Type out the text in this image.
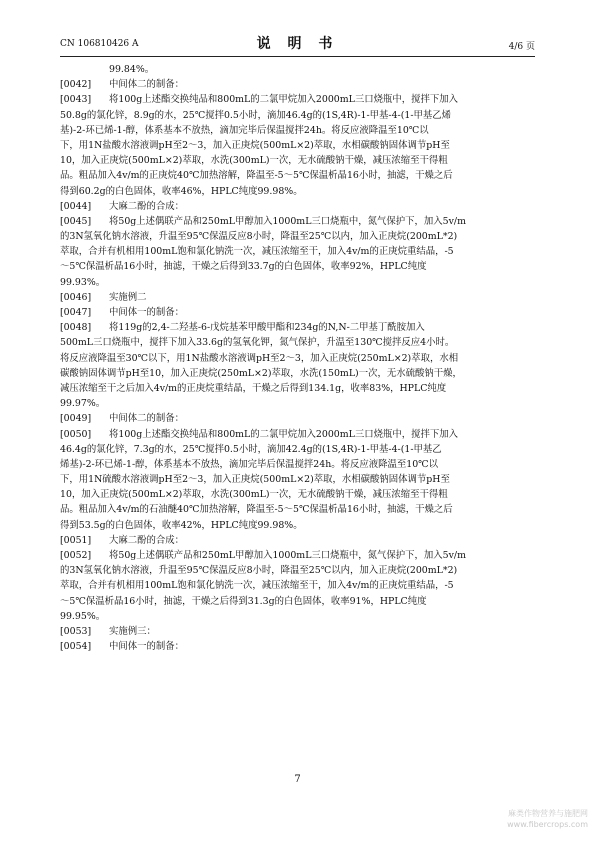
CN 106810426 A	说 明 书	4/6 页
99.84%。
[0042]	中间体二的制备：
[0043]	将100g上述酯交换纯品和800mL的二氯甲烷加入2000mL三口烧瓶中，搅拌下加入
50.8g的氯化锌，8.9g的水，25℃搅拌0.5小时，滴加46.4g的(1S,4R)-1-甲基-4-(1-甲基乙烯
基)-2-环已烯-1-醇，体系基本不放热，滴加完毕后保温搅拌24h。将反应液降温至10℃以
下，用1N盐酸水溶液调pH至2～3，加入正庚烷(500mL×2)萃取，水相碳酸钠固体调节pH至
10，加入正庚烷(500mL×2)萃取，水洗(300mL)一次，无水硫酸钠干燥，减压浓缩至干得粗
品。粗品加入4v/m的正庚烷40℃加热溶解，降温至-5～5℃保温析晶16小时，抽滤，干燥之后
得到60.2g的白色固体，收率46%，HPLC纯度99.98%。
[0044]	大麻二酚的合成：
[0045]	将50g上述偶联产品和250mL甲醇加入1000mL三口烧瓶中，氮气保护下，加入5v/m
的3N氢氧化钠水溶液，升温至95℃保温反应8小时，降温至25℃以内，加入正庚烷(200mL*2)
萃取，合并有机相用100mL饱和氯化钠洗一次，减压浓缩至干，加入4v/m的正庚烷重结晶，-5
～5℃保温析晶16小时，抽滤，干燥之后得到33.7g的白色固体，收率92%，HPLC纯度
99.93%。
[0046]	实施例二
[0047]	中间体一的制备：
[0048]	将119g的2,4-二羟基-6-戊烷基苯甲酸甲酯和234g的N,N-二甲基丁酰胺加入
500mL三口烧瓶中，搅拌下加入33.6g的氢氧化钾，氮气保护，升温至130℃搅拌反应4小时。
将反应液降温至30℃以下，用1N盐酸水溶液调pH至2～3，加入正庚烷(250mL×2)萃取，水相
碳酸钠固体调节pH至10，加入正庚烷(250mL×2)萃取，水洗(150mL)一次，无水硫酸钠干燥，
减压浓缩至干之后加入4v/m的正庚烷重结晶，干燥之后得到134.1g，收率83%，HPLC纯度
99.97%。
[0049]	中间体二的制备：
[0050]	将100g上述酯交换纯品和800mL的二氯甲烷加入2000mL三口烧瓶中，搅拌下加入
46.4g的氯化锌，7.3g的水，25℃搅拌0.5小时，滴加42.4g的(1S,4R)-1-甲基-4-(1-甲基乙
烯基)-2-环已烯-1-醇，体系基本不放热，滴加完毕后保温搅拌24h。将反应液降温至10℃以
下，用1N硫酸水溶液调pH至2～3，加入正庚烷(500mL×2)萃取，水相碳酸钠固体调节pH至
10，加入正庚烷(500mL×2)萃取，水洗(300mL)一次，无水硫酸钠干燥，减压浓缩至干得粗
品。粗品加入4v/m的石油醚40℃加热溶解，降温至-5～5℃保温析晶16小时，抽滤，干燥之后
得到53.5g的白色固体，收率42%，HPLC纯度99.98%。
[0051]	大麻二酚的合成：
[0052]	将50g上述偶联产品和250mL甲醇加入1000mL三口烧瓶中，氮气保护下，加入5v/m
的3N氢氧化钠水溶液，升温至95℃保温反应8小时，降温至25℃以内，加入正庚烷(200mL*2)
萃取，合并有机相用100mL饱和氯化钠洗一次，减压浓缩至干，加入4v/m的正庚烷重结晶，-5
～5℃保温析晶16小时，抽滤，干燥之后得到31.3g的白色固体，收率91%，HPLC纯度
99.95%。
[0053]	实施例三：
[0054]	中间体一的制备：
7
麻类作物营养与施肥网
www.fibercrops.com
